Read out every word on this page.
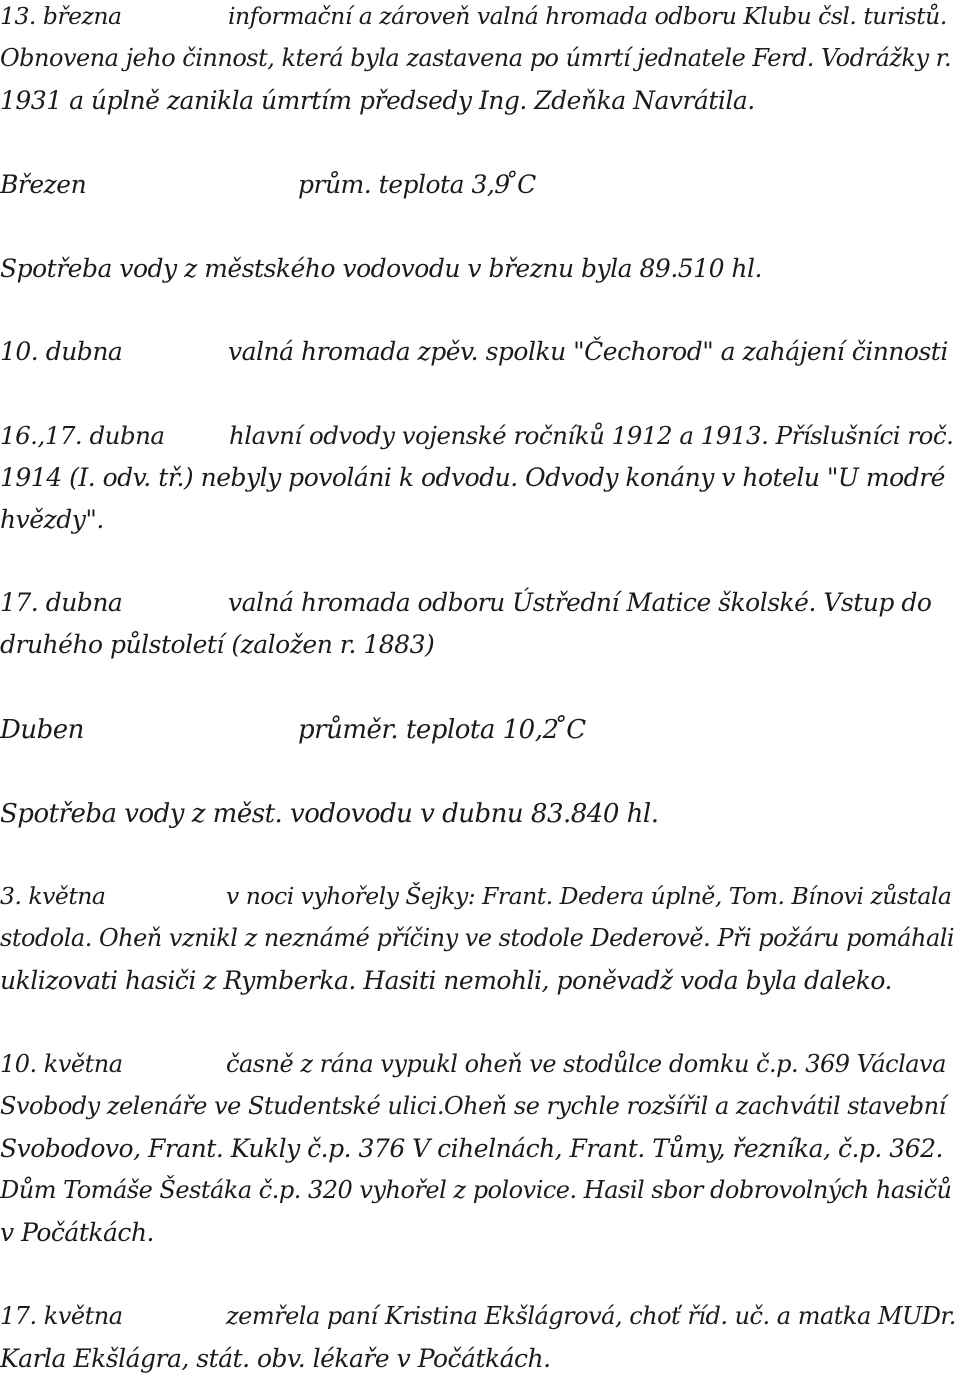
13. března	informační a zároveň valná hromada odboru Klubu čsl. turistů.
Obnovena jeho činnost, která byla zastavena po úmrtí jednatele Ferd. Vodrážky r.
1931 a úplně zanikla úmrtím předsedy Ing. Zdeňka Navrátila.
Březen	prům. teplota 3,9 ̊C
Spotřeba vody z městského vodovodu v březnu byla 89.510 hl.
10. dubna	valná hromada zpěv. spolku "Čechorod" a zahájení činnosti
16.,17. dubna	hlavní odvody vojenské ročníků 1912 a 1913. Příslušníci roč.
1914 (I. odv. tř.) nebyly povoláni k odvodu. Odvody konány v hotelu "U modré
hvězdy".
17. dubna	valná hromada odboru Ústřední Matice školské. Vstup do
druhého půlstoletí (založen r. 1883)
Duben	průměr. teplota 10,2 ̊C
Spotřeba vody z měst. vodovodu v dubnu 83.840 hl.
3. května	v noci vyhořely Šejky: Frant. Dedera úplně, Tom. Bínovi zůstala
stodola. Oheň vznikl z neznámé příčiny ve stodole Dederově. Při požáru pomáhali
uklizovati hasiči z Rymberka. Hasiti nemohli, poněvadž voda byla daleko.
10. května	časně z rána vypukl oheň ve stodůlce domku č.p. 369 Václava
Svobody zelenáře ve Studentské ulici.Oheň se rychle rozšířil a zachvátil stavební
Svobodovo, Frant. Kukly č.p. 376 V cihelnách, Frant. Tůmy, řezníka, č.p. 362.
Dům Tomáše Šestáka č.p. 320 vyhořel z polovice. Hasil sbor dobrovolných hasičů
v Počátkách.
17. května	zemřela paní Kristina Ekšlágrová, choť říd. uč. a matka MUDr.
Karla Ekšlágra, stát. obv. lékaře v Počátkách.
